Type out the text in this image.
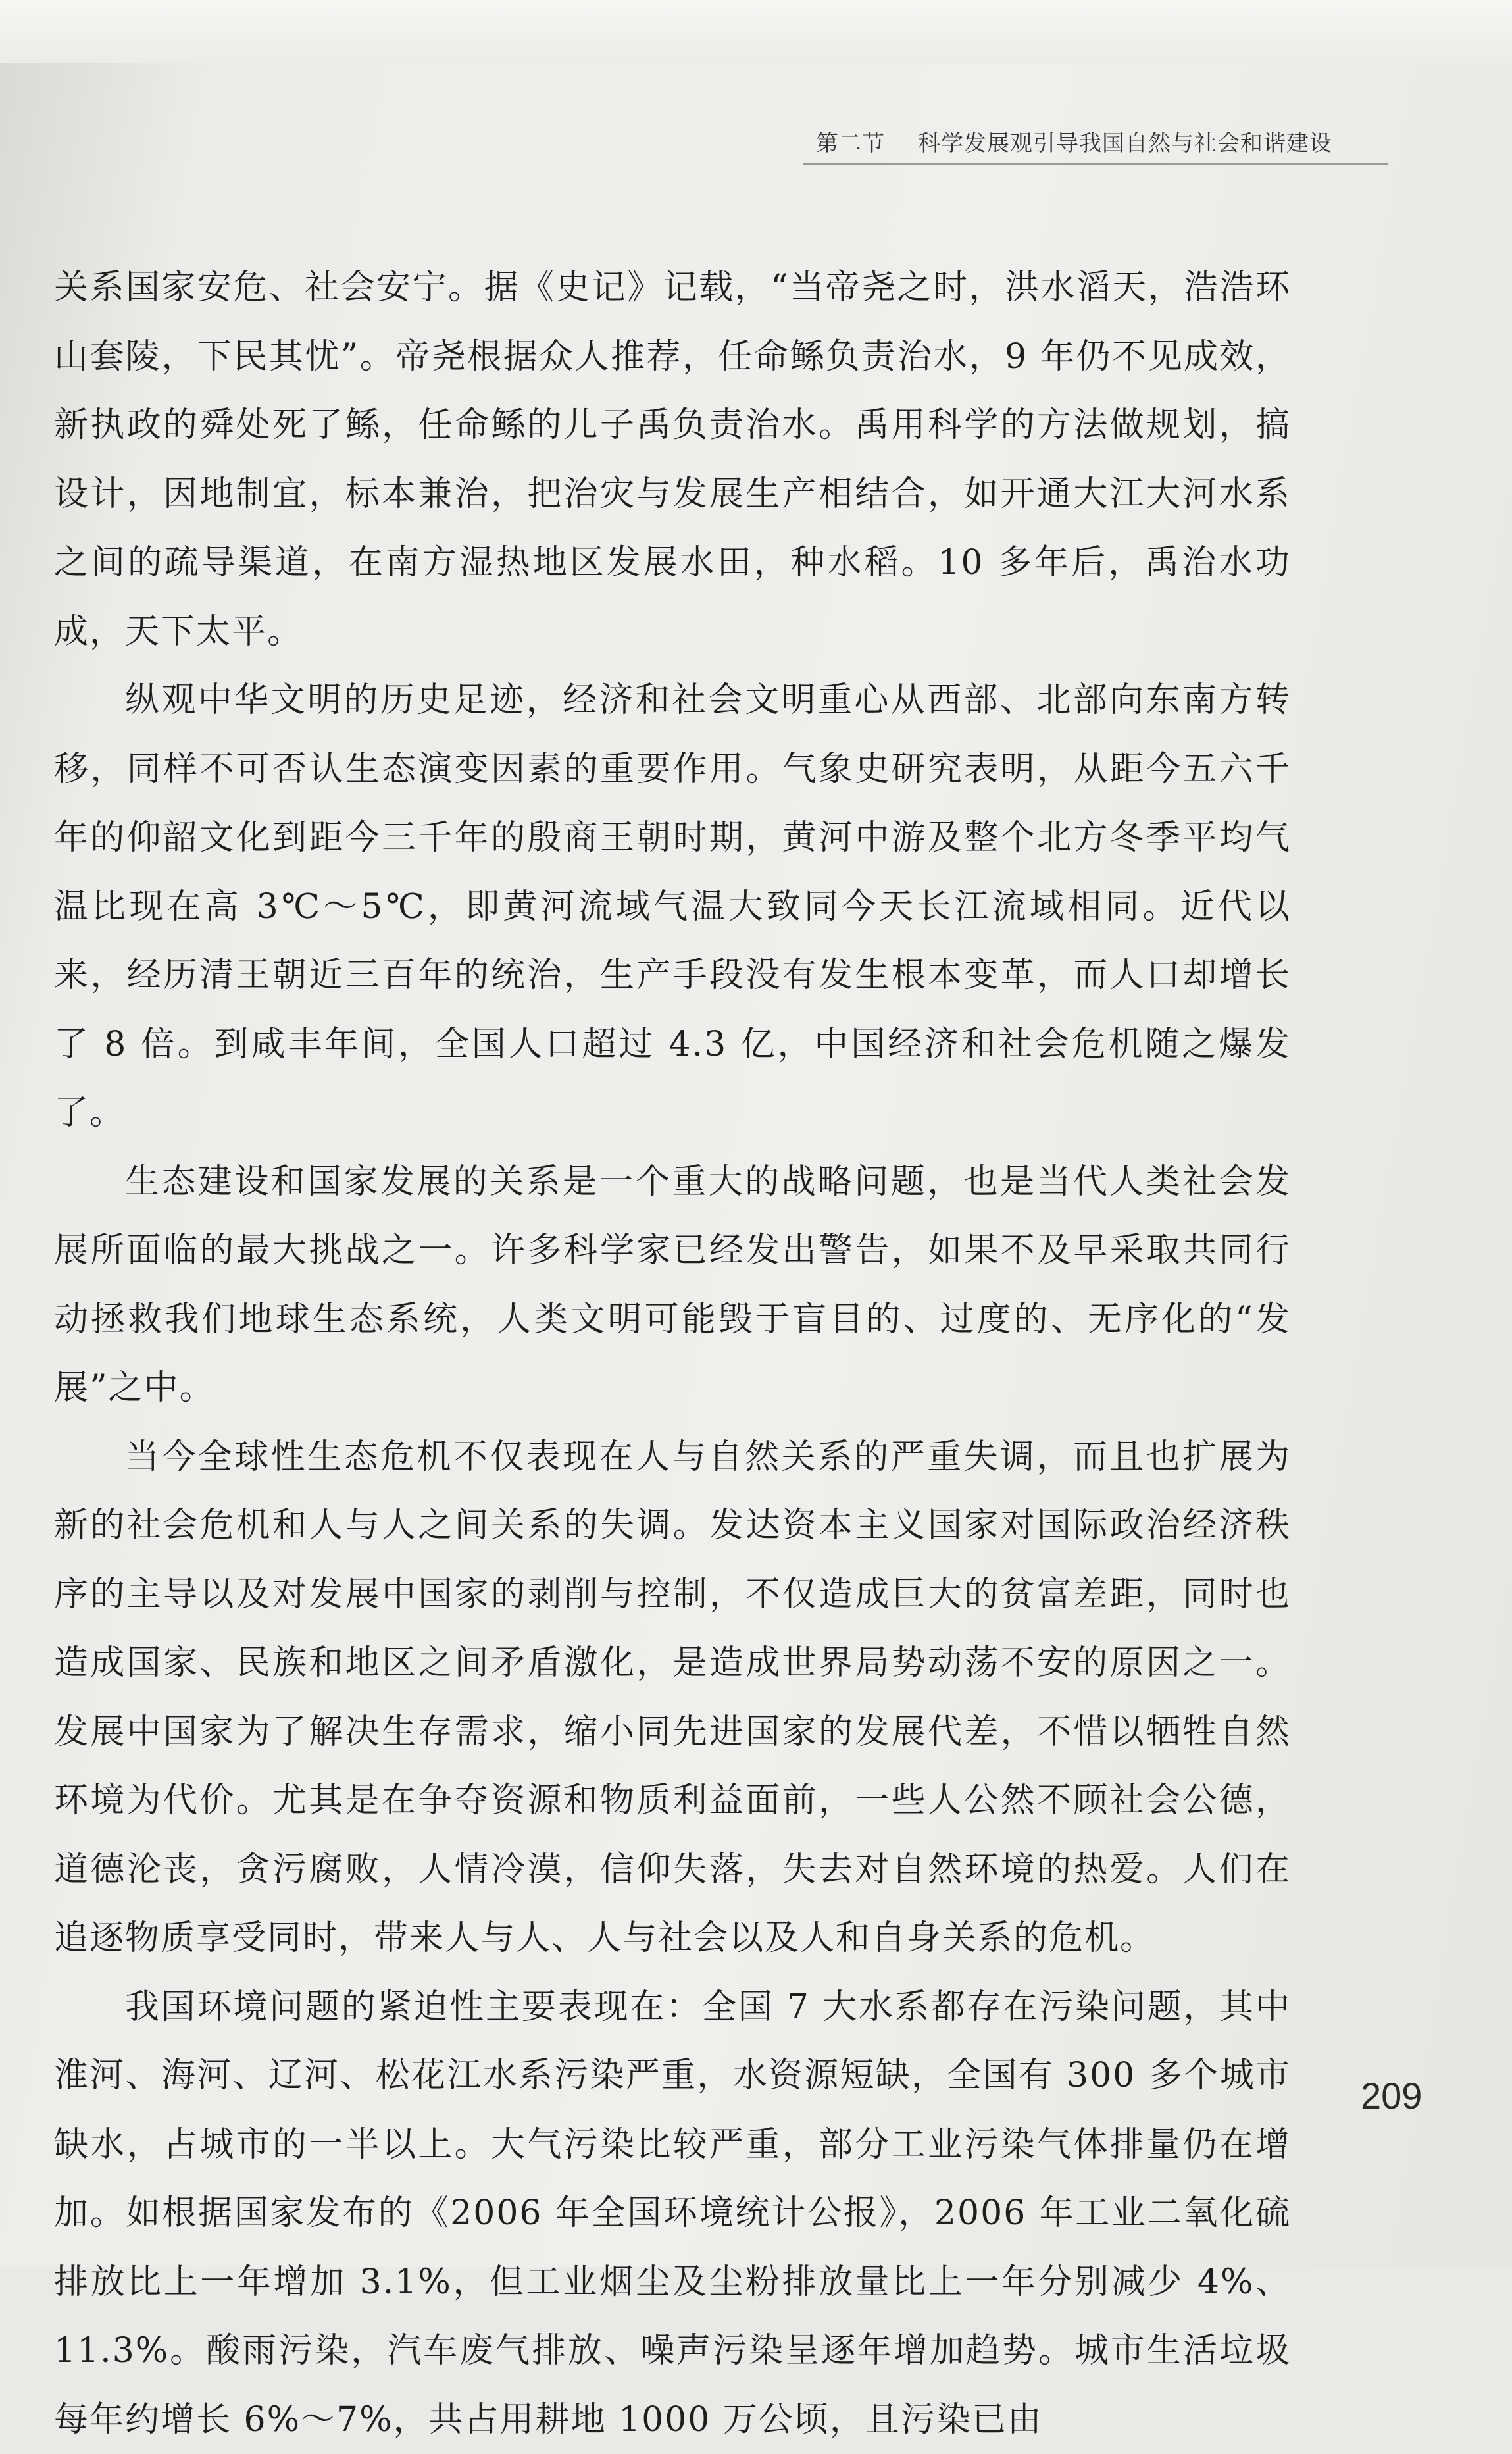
第二节 科学发展观引导我国自然与社会和谐建设

关系国家安危、社会安宁。据《史记》记载，“当帝尧之时，洪水滔天，浩浩环山套陵，下民其忧”。帝尧根据众人推荐，任命鲧负责治水，9 年仍不见成效，新执政的舜处死了鲧，任命鲧的儿子禹负责治水。禹用科学的方法做规划，搞设计，因地制宜，标本兼治，把治灾与发展生产相结合，如开通大江大河水系之间的疏导渠道，在南方湿热地区发展水田，种水稻。10 多年后，禹治水功成，天下太平。

纵观中华文明的历史足迹，经济和社会文明重心从西部、北部向东南方转移，同样不可否认生态演变因素的重要作用。气象史研究表明，从距今五六千年的仰韶文化到距今三千年的殷商王朝时期，黄河中游及整个北方冬季平均气温比现在高 3℃～5℃，即黄河流域气温大致同今天长江流域相同。近代以来，经历清王朝近三百年的统治，生产手段没有发生根本变革，而人口却增长了 8 倍。到咸丰年间，全国人口超过 4.3 亿，中国经济和社会危机随之爆发了。

生态建设和国家发展的关系是一个重大的战略问题，也是当代人类社会发展所面临的最大挑战之一。许多科学家已经发出警告，如果不及早采取共同行动拯救我们地球生态系统，人类文明可能毁于盲目的、过度的、无序化的“发展”之中。

当今全球性生态危机不仅表现在人与自然关系的严重失调，而且也扩展为新的社会危机和人与人之间关系的失调。发达资本主义国家对国际政治经济秩序的主导以及对发展中国家的剥削与控制，不仅造成巨大的贫富差距，同时也造成国家、民族和地区之间矛盾激化，是造成世界局势动荡不安的原因之一。发展中国家为了解决生存需求，缩小同先进国家的发展代差，不惜以牺牲自然环境为代价。尤其是在争夺资源和物质利益面前，一些人公然不顾社会公德，道德沦丧，贪污腐败，人情冷漠，信仰失落，失去对自然环境的热爱。人们在追逐物质享受同时，带来人与人、人与社会以及人和自身关系的危机。

我国环境问题的紧迫性主要表现在：全国 7 大水系都存在污染问题，其中淮河、海河、辽河、松花江水系污染严重，水资源短缺，全国有 300 多个城市缺水，占城市的一半以上。大气污染比较严重，部分工业污染气体排量仍在增加。如根据国家发布的《2006 年全国环境统计公报》，2006 年工业二氧化硫排放比上一年增加 3.1%，但工业烟尘及尘粉排放量比上一年分别减少 4%、11.3%。酸雨污染，汽车废气排放、噪声污染呈逐年增加趋势。城市生活垃圾每年约增长 6%～7%，共占用耕地 1000 万公顷，且污染已由

209
